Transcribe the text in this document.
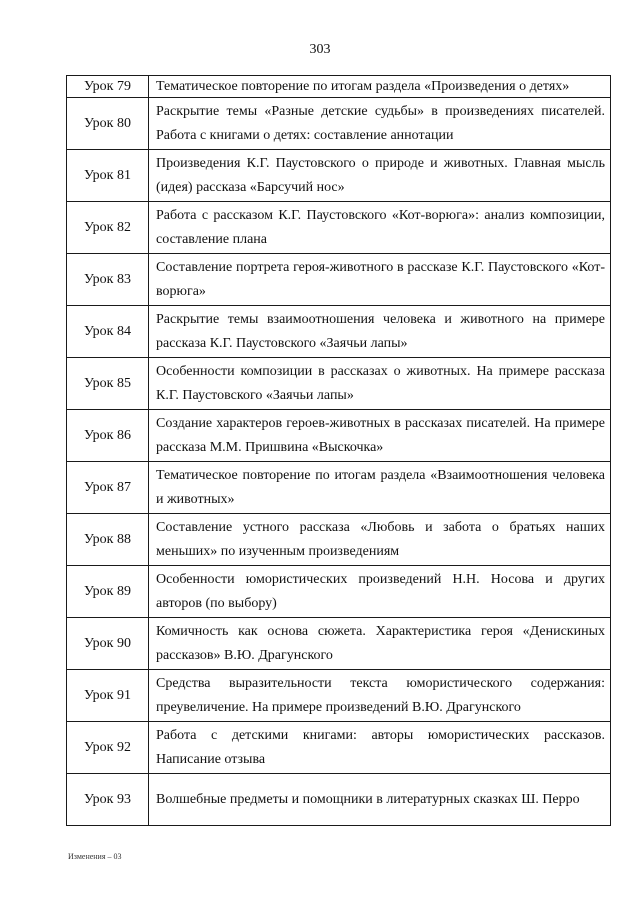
303
Урок 79	Тематическое повторение по итогам раздела «Произведения о детях»
Урок 80	Раскрытие темы «Разные детские судьбы» в произведениях писателей. Работа с книгами о детях: составление аннотации
Урок 81	Произведения К.Г. Паустовского о природе и животных. Главная мысль (идея) рассказа «Барсучий нос»
Урок 82	Работа с рассказом К.Г. Паустовского «Кот-ворюга»: анализ композиции, составление плана
Урок 83	Составление портрета героя-животного в рассказе К.Г. Паустовского «Кот-ворюга»
Урок 84	Раскрытие темы взаимоотношения человека и животного на примере рассказа К.Г. Паустовского «Заячьи лапы»
Урок 85	Особенности композиции в рассказах о животных. На примере рассказа К.Г. Паустовского «Заячьи лапы»
Урок 86	Создание характеров героев-животных в рассказах писателей. На примере рассказа М.М. Пришвина «Выскочка»
Урок 87	Тематическое повторение по итогам раздела «Взаимоотношения человека и животных»
Урок 88	Составление устного рассказа «Любовь и забота о братьях наших меньших» по изученным произведениям
Урок 89	Особенности юмористических произведений Н.Н. Носова и других авторов (по выбору)
Урок 90	Комичность как основа сюжета. Характеристика героя «Денискиных рассказов» В.Ю. Драгунского
Урок 91	Средства выразительности текста юмористического содержания: преувеличение. На примере произведений В.Ю. Драгунского
Урок 92	Работа с детскими книгами: авторы юмористических рассказов. Написание отзыва
Урок 93	Волшебные предметы и помощники в литературных сказках Ш. Перро
Изменения – 03
